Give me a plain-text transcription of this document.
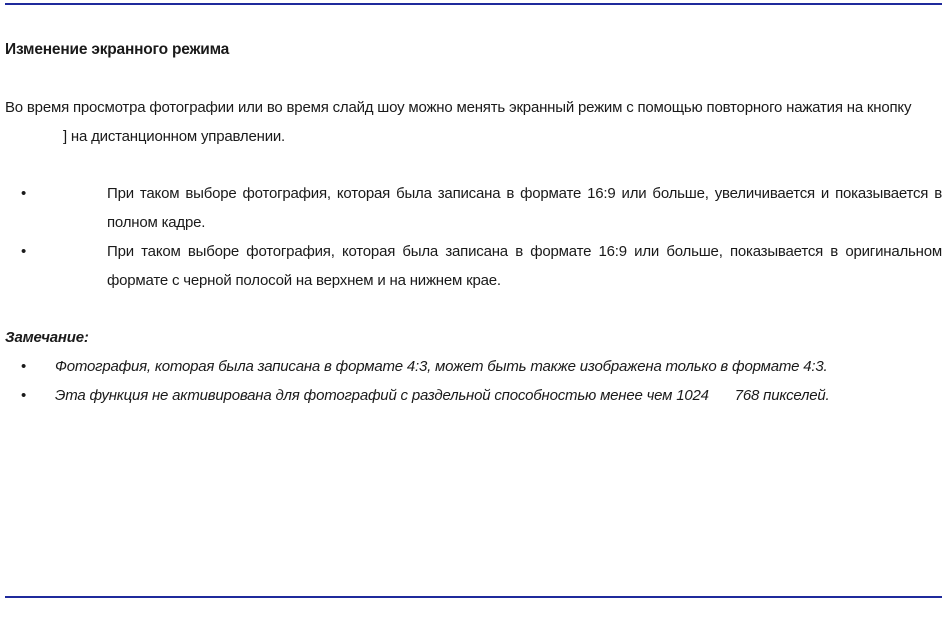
Изменение экранного режима

Во время просмотра фотографии или во время слайд шоу можно менять экранный режим с помощью повторного нажатия на кнопку
] на дистанционном управлении.

•	При таком выборе фотография, которая была записана в формате 16:9 или больше, увеличивается и показывается в полном кадре.
•	При таком выборе фотография, которая была записана в формате 16:9 или больше, показывается в оригинальном формате с черной полосой на верхнем и на нижнем крае.

Замечание:

• Фотография, которая была записана в формате 4:3, может быть также изображена только в формате 4:3.
• Эта функция не активирована для фотографий с раздельной способностью менее чем 1024 768 пикселей.
